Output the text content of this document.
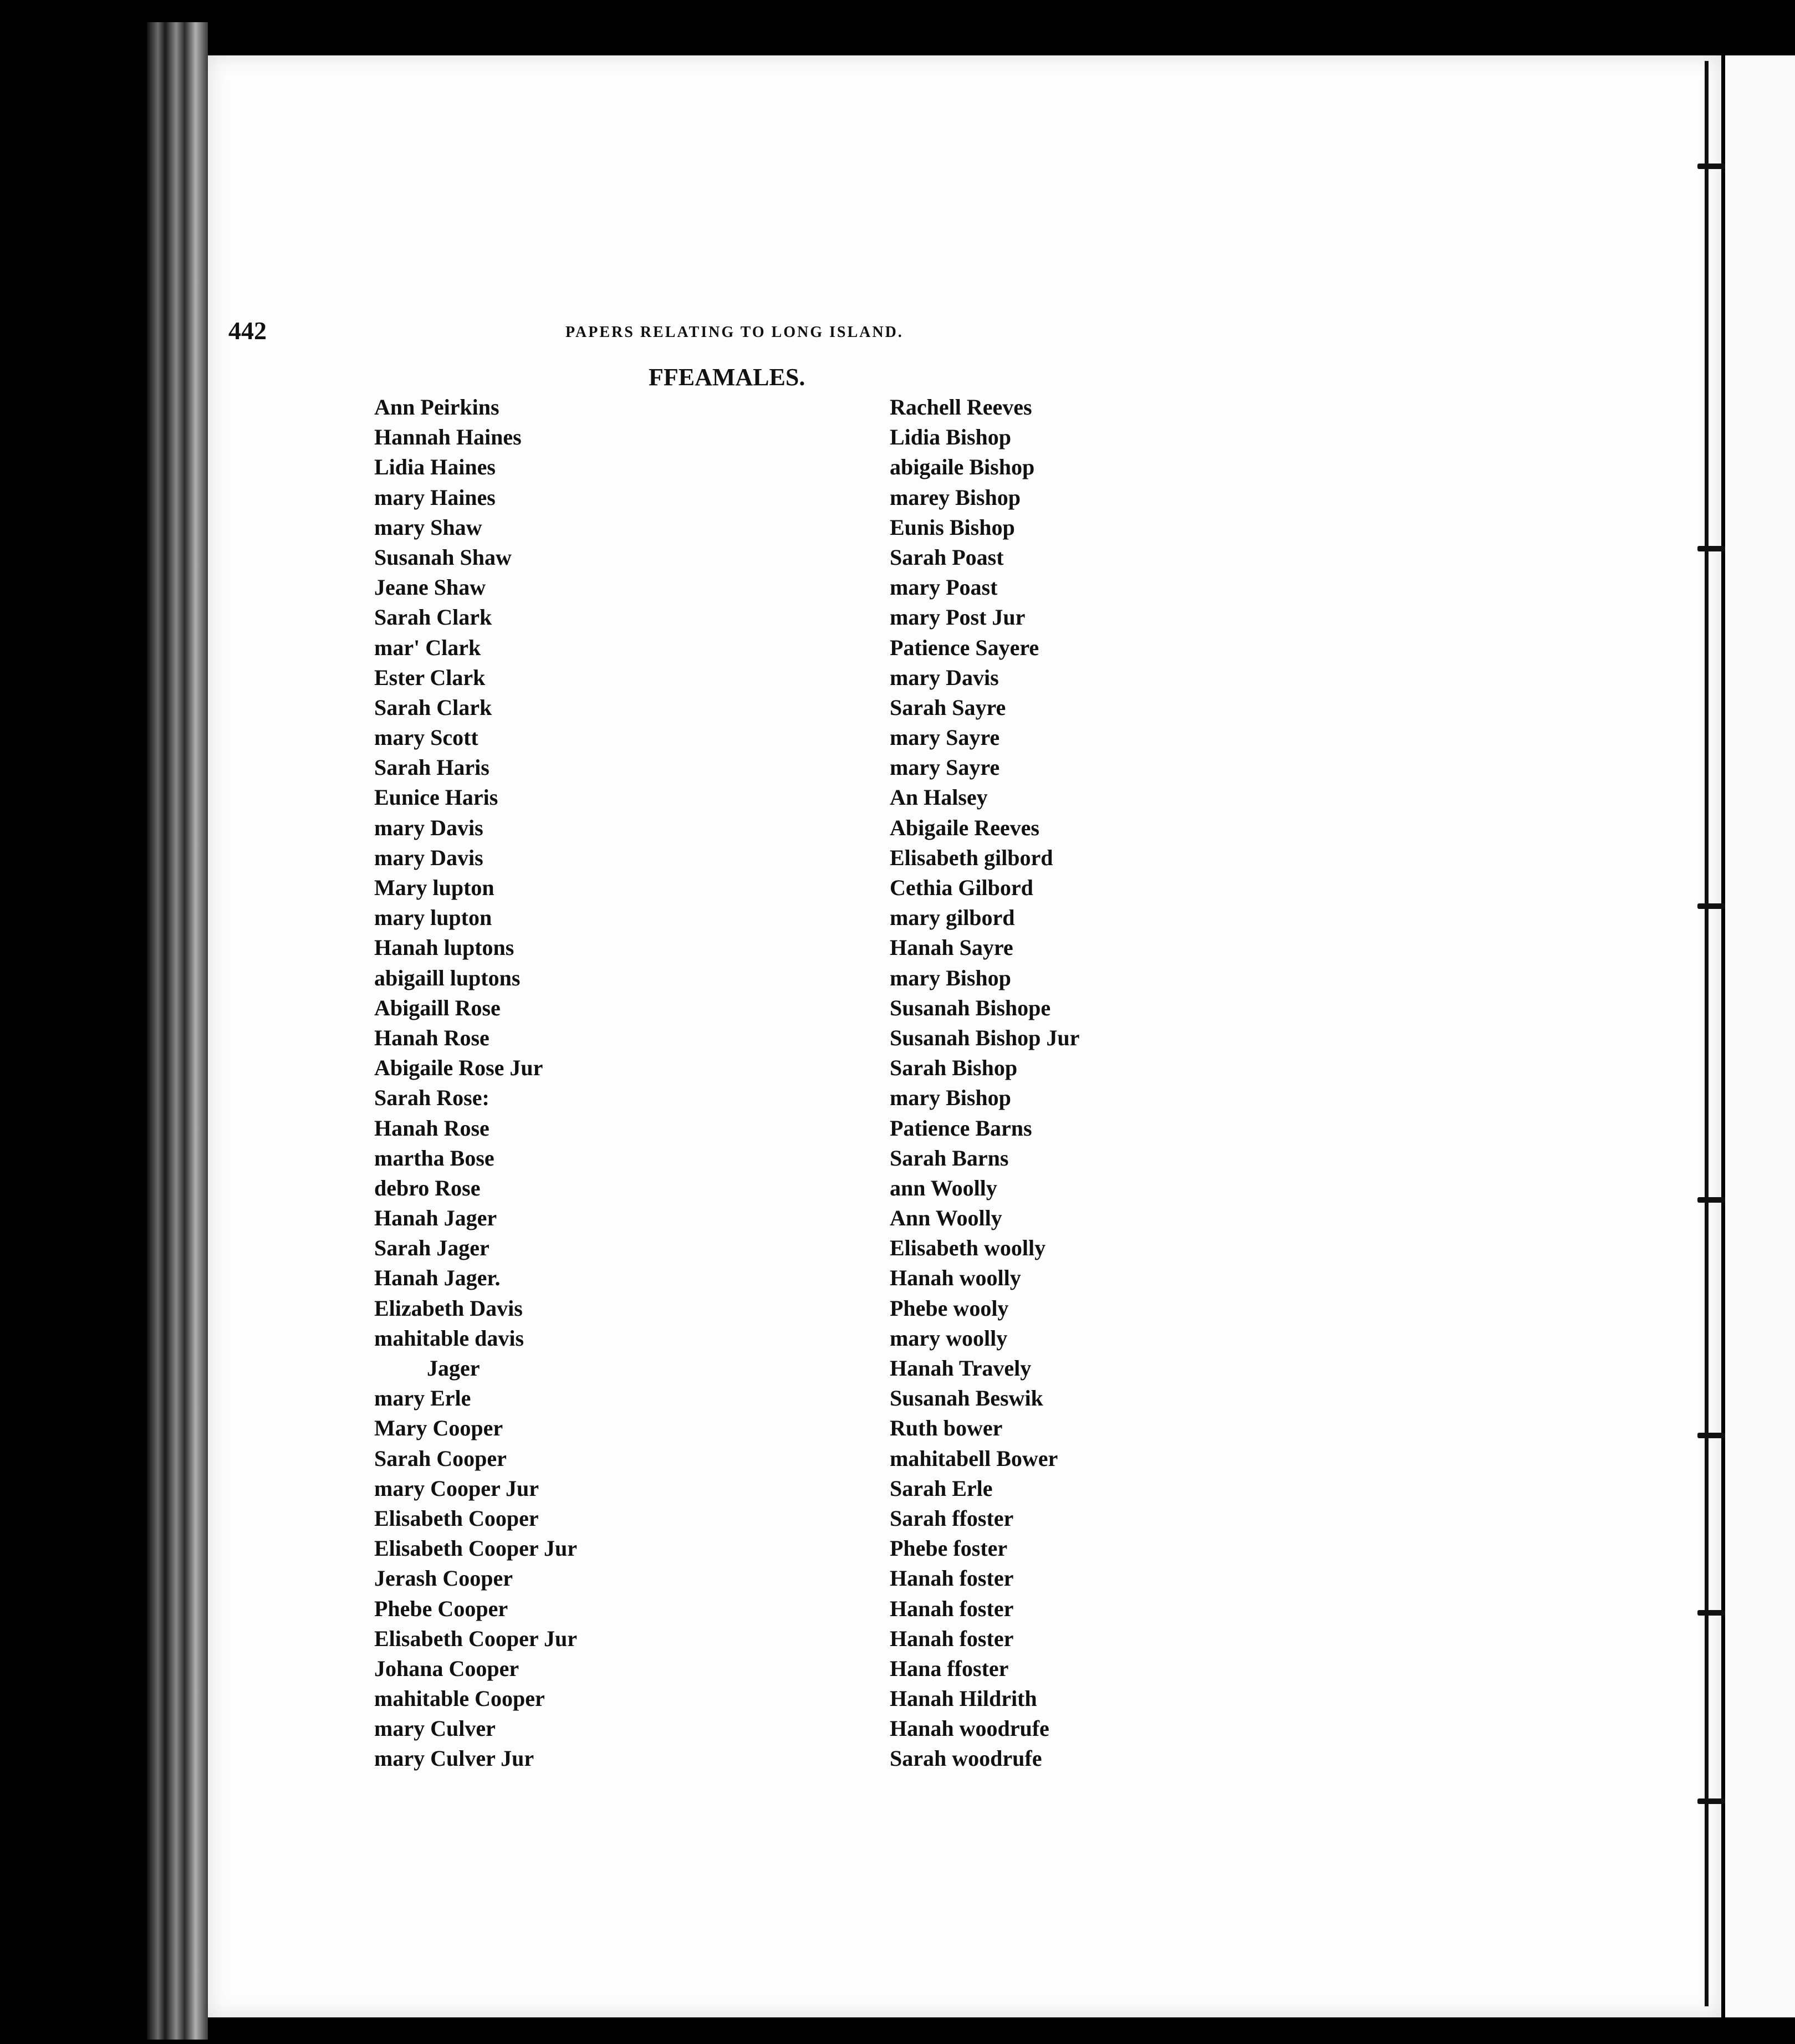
442	PAPERS RELATING TO LONG ISLAND.
FFEAMALES.
Ann Peirkins
Hannah Haines
Lidia Haines
mary Haines
mary Shaw
Susanah Shaw
Jeane Shaw
Sarah Clark
mar' Clark
Ester Clark
Sarah Clark
mary Scott
Sarah Haris
Eunice Haris
mary Davis
mary Davis
Mary lupton
mary lupton
Hanah luptons
abigaill luptons
Abigaill Rose
Hanah Rose
Abigaile Rose Jur
Sarah Rose:
Hanah Rose
martha Bose
debro Rose
Hanah Jager
Sarah Jager
Hanah Jager.
Elizabeth Davis
mahitable davis
Jager
mary Erle
Mary Cooper
Sarah Cooper
mary Cooper Jur
Elisabeth Cooper
Elisabeth Cooper Jur
Jerash Cooper
Phebe Cooper
Elisabeth Cooper Jur
Johana Cooper
mahitable Cooper
mary Culver
mary Culver Jur
Rachell Reeves
Lidia Bishop
abigaile Bishop
marey Bishop
Eunis Bishop
Sarah Poast
mary Poast
mary Post Jur
Patience Sayere
mary Davis
Sarah Sayre
mary Sayre
mary Sayre
An Halsey
Abigaile Reeves
Elisabeth gilbord
Cethia Gilbord
mary gilbord
Hanah Sayre
mary Bishop
Susanah Bishope
Susanah Bishop Jur
Sarah Bishop
mary Bishop
Patience Barns
Sarah Barns
ann Woolly
Ann Woolly
Elisabeth woolly
Hanah woolly
Phebe wooly
mary woolly
Hanah Travely
Susanah Beswik
Ruth bower
mahitabell Bower
Sarah Erle
Sarah ffoster
Phebe foster
Hanah foster
Hanah foster
Hanah foster
Hana ffoster
Hanah Hildrith
Hanah woodrufe
Sarah woodrufe
